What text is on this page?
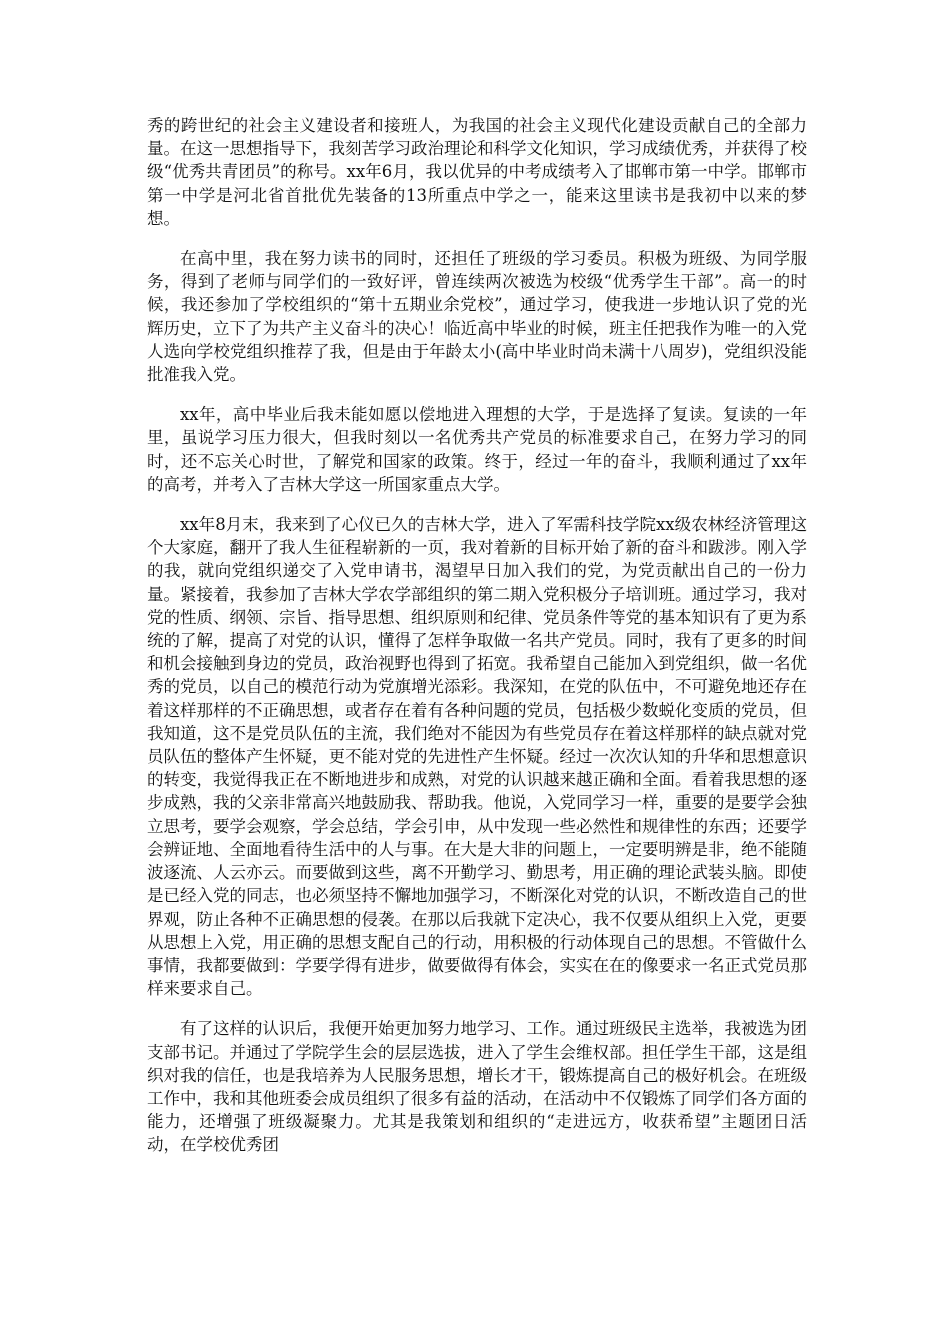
秀的跨世纪的社会主义建设者和接班人，为我国的社会主义现代化建设贡献自己的全部力量。在这一思想指导下，我刻苦学习政治理论和科学文化知识，学习成绩优秀，并获得了校级“优秀共青团员”的称号。xx年6月，我以优异的中考成绩考入了邯郸市第一中学。邯郸市第一中学是河北省首批优先装备的13所重点中学之一，能来这里读书是我初中以来的梦想。

在高中里，我在努力读书的同时，还担任了班级的学习委员。积极为班级、为同学服务，得到了老师与同学们的一致好评，曾连续两次被选为校级“优秀学生干部”。高一的时候，我还参加了学校组织的“第十五期业余党校”，通过学习，使我进一步地认识了党的光辉历史，立下了为共产主义奋斗的决心！临近高中毕业的时候，班主任把我作为唯一的入党人选向学校党组织推荐了我，但是由于年龄太小(高中毕业时尚未满十八周岁)，党组织没能批准我入党。

xx年，高中毕业后我未能如愿以偿地进入理想的大学，于是选择了复读。复读的一年里，虽说学习压力很大，但我时刻以一名优秀共产党员的标准要求自己，在努力学习的同时，还不忘关心时世，了解党和国家的政策。终于，经过一年的奋斗，我顺利通过了xx年的高考，并考入了吉林大学这一所国家重点大学。

xx年8月末，我来到了心仪已久的吉林大学，进入了军需科技学院xx级农林经济管理这个大家庭，翻开了我人生征程崭新的一页，我对着新的目标开始了新的奋斗和跋涉。刚入学的我，就向党组织递交了入党申请书，渴望早日加入我们的党，为党贡献出自己的一份力量。紧接着，我参加了吉林大学农学部组织的第二期入党积极分子培训班。通过学习，我对党的性质、纲领、宗旨、指导思想、组织原则和纪律、党员条件等党的基本知识有了更为系统的了解，提高了对党的认识，懂得了怎样争取做一名共产党员。同时，我有了更多的时间和机会接触到身边的党员，政治视野也得到了拓宽。我希望自己能加入到党组织，做一名优秀的党员，以自己的模范行动为党旗增光添彩。我深知，在党的队伍中，不可避免地还存在着这样那样的不正确思想，或者存在着有各种问题的党员，包括极少数蜕化变质的党员，但我知道，这不是党员队伍的主流，我们绝对不能因为有些党员存在着这样那样的缺点就对党员队伍的整体产生怀疑，更不能对党的先进性产生怀疑。经过一次次认知的升华和思想意识的转变，我觉得我正在不断地进步和成熟，对党的认识越来越正确和全面。看着我思想的逐步成熟，我的父亲非常高兴地鼓励我、帮助我。他说，入党同学习一样，重要的是要学会独立思考，要学会观察，学会总结，学会引申，从中发现一些必然性和规律性的东西；还要学会辨证地、全面地看待生活中的人与事。在大是大非的问题上，一定要明辨是非，绝不能随波逐流、人云亦云。而要做到这些，离不开勤学习、勤思考，用正确的理论武装头脑。即使是已经入党的同志，也必须坚持不懈地加强学习，不断深化对党的认识，不断改造自己的世界观，防止各种不正确思想的侵袭。在那以后我就下定决心，我不仅要从组织上入党，更要从思想上入党，用正确的思想支配自己的行动，用积极的行动体现自己的思想。不管做什么事情，我都要做到：学要学得有进步，做要做得有体会，实实在在的像要求一名正式党员那样来要求自己。

有了这样的认识后，我便开始更加努力地学习、工作。通过班级民主选举，我被选为团支部书记。并通过了学院学生会的层层选拔，进入了学生会维权部。担任学生干部，这是组织对我的信任，也是我培养为人民服务思想，增长才干，锻炼提高自己的极好机会。在班级工作中，我和其他班委会成员组织了很多有益的活动，在活动中不仅锻炼了同学们各方面的能力，还增强了班级凝聚力。尤其是我策划和组织的“走进远方，收获希望”主题团日活动，在学校优秀团
